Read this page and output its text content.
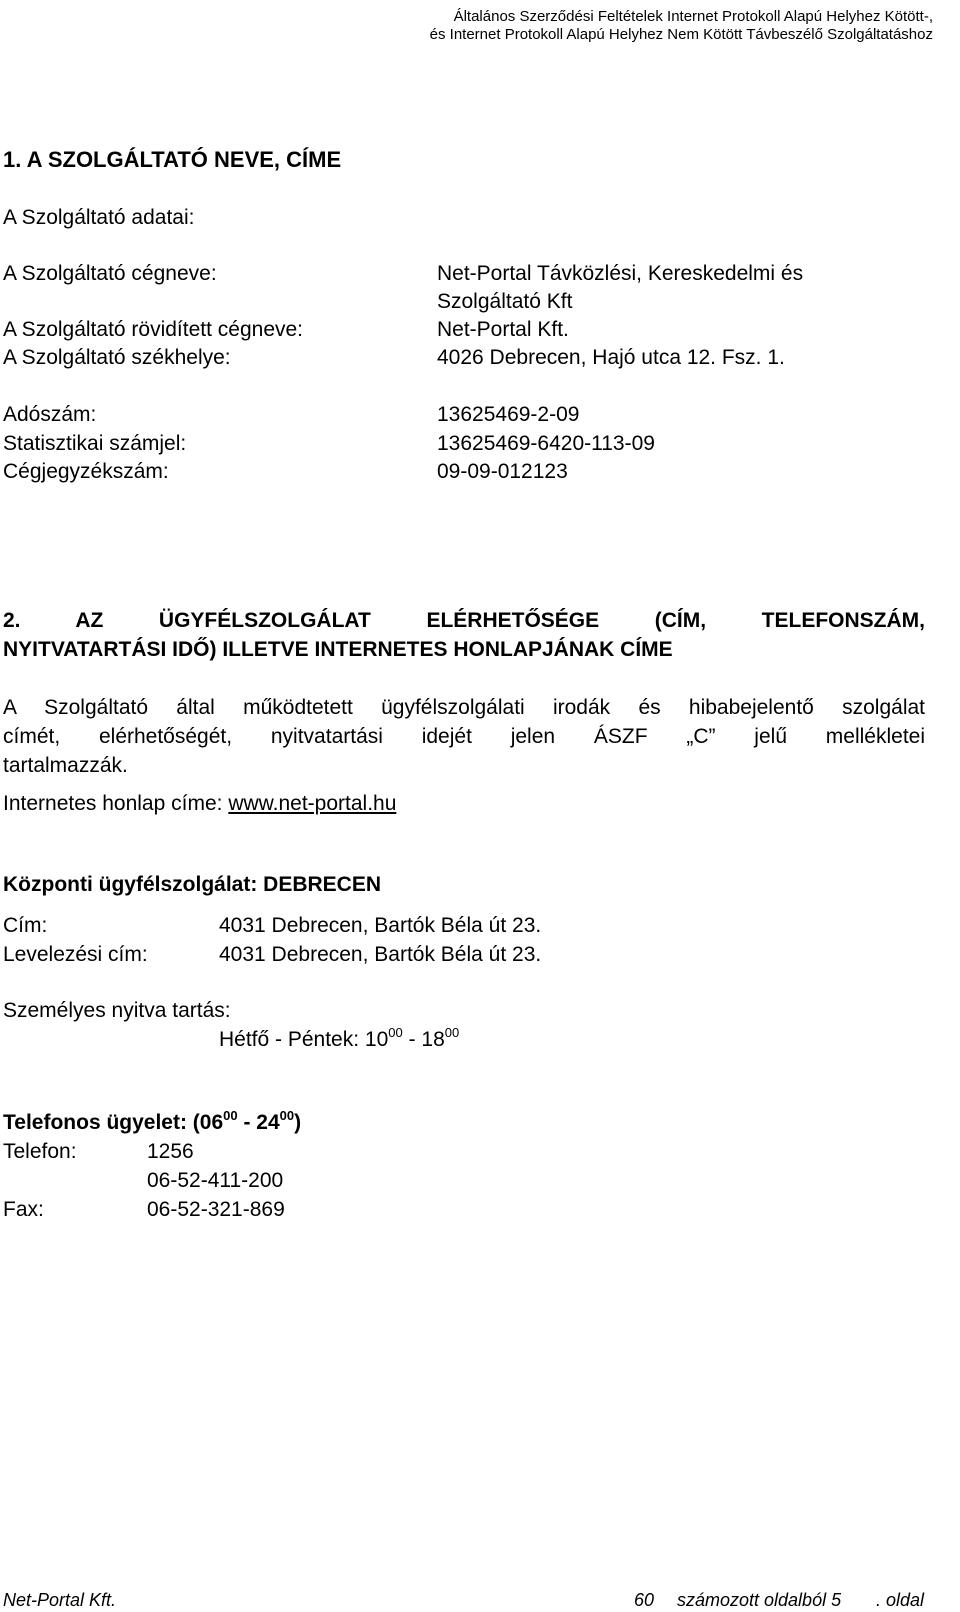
Általános Szerződési Feltételek Internet Protokoll Alapú Helyhez Kötött-,
és Internet Protokoll Alapú Helyhez Nem Kötött Távbeszélő Szolgáltatáshoz
1. A SZOLGÁLTATÓ NEVE, CÍME
A Szolgáltató adatai:
A Szolgáltató cégneve:	Net-Portal Távközlési, Kereskedelmi és
Szolgáltató Kft
A Szolgáltató rövidített cégneve:	Net-Portal Kft.
A Szolgáltató székhelye:	4026 Debrecen, Hajó utca 12. Fsz. 1.
Adószám:	13625469-2-09
Statisztikai számjel:	13625469-6420-113-09
Cégjegyzékszám:	09-09-012123
2. AZ ÜGYFÉLSZOLGÁLAT ELÉRHETŐSÉGE (CÍM, TELEFONSZÁM,
NYITVATARTÁSI IDŐ) ILLETVE INTERNETES HONLAPJÁNAK CÍME
A Szolgáltató által működtetett ügyfélszolgálati irodák és hibabejelentő szolgálat
címét, elérhetőségét, nyitvatartási idejét jelen ÁSZF „C” jelű mellékletei
tartalmazzák.
Internetes honlap címe: www.net-portal.hu
Központi ügyfélszolgálat: DEBRECEN
Cím:	4031 Debrecen, Bartók Béla út 23.
Levelezési cím:	4031 Debrecen, Bartók Béla út 23.
Személyes nyitva tartás:
Hétfő - Péntek: $10^{00} - 18^{00}$
Telefonos ügyelet: $(06^{00} - 24^{00})$
Telefon:	1256
06-52-411-200
Fax:	06-52-321-869
Net-Portal Kft.	60 számozott oldalból 5 . oldal
